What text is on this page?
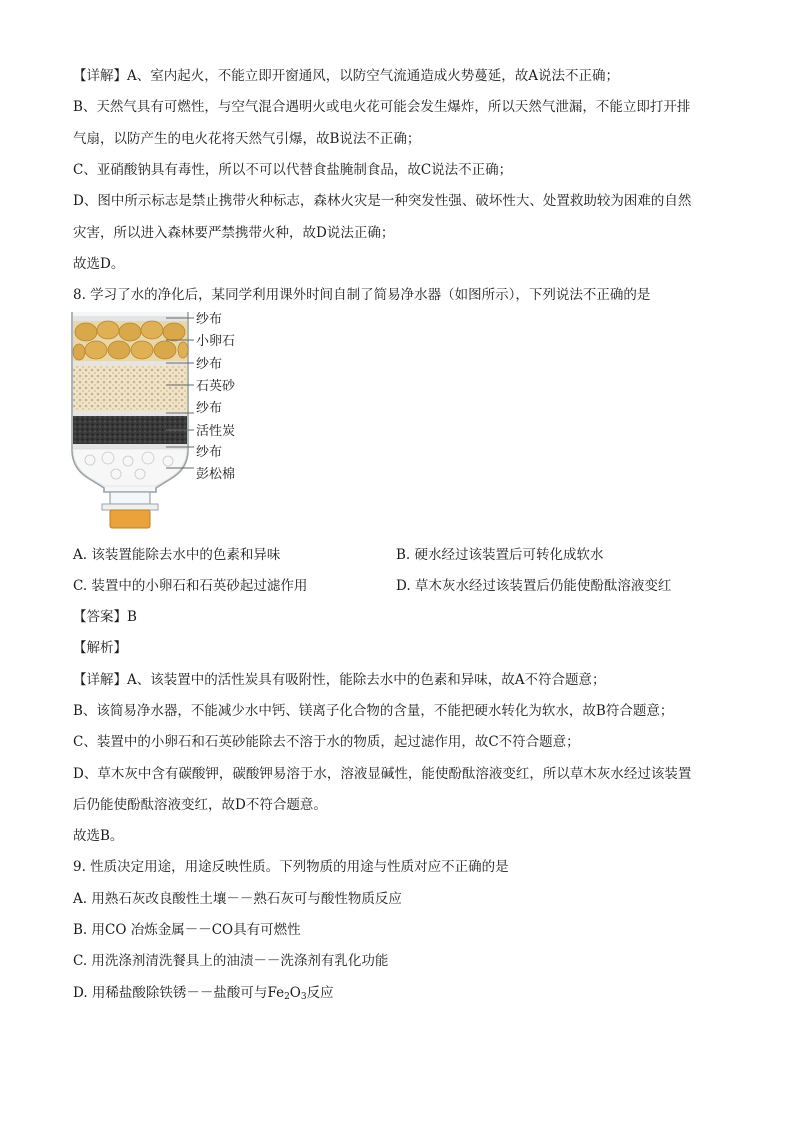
【详解】A、室内起火，不能立即开窗通风，以防空气流通造成火势蔓延，故A说法不正确；
B、天然气具有可燃性，与空气混合遇明火或电火花可能会发生爆炸，所以天然气泄漏，不能立即打开排
气扇，以防产生的电火花将天然气引爆，故B说法不正确；
C、亚硝酸钠具有毒性，所以不可以代替食盐腌制食品，故C说法不正确；
D、图中所示标志是禁止携带火种标志，森林火灾是一种突发性强、破坏性大、处置救助较为困难的自然
灾害，所以进入森林要严禁携带火种，故D说法正确；
故选D。
8. 学习了水的净化后，某同学利用课外时间自制了简易净水器（如图所示），下列说法不正确的是
纱布
小卵石
纱布
石英砂
纱布
活性炭
纱布
彭松棉
A. 该装置能除去水中的色素和异味	B. 硬水经过该装置后可转化成软水
C. 装置中的小卵石和石英砂起过滤作用	D. 草木灰水经过该装置后仍能使酚酞溶液变红
【答案】B
【解析】
【详解】A、该装置中的活性炭具有吸附性，能除去水中的色素和异味，故A不符合题意；
B、该简易净水器，不能减少水中钙、镁离子化合物的含量，不能把硬水转化为软水，故B符合题意；
C、装置中的小卵石和石英砂能除去不溶于水的物质，起过滤作用，故C不符合题意；
D、草木灰中含有碳酸钾，碳酸钾易溶于水，溶液显碱性，能使酚酞溶液变红，所以草木灰水经过该装置
后仍能使酚酞溶液变红，故D不符合题意。
故选B。
9. 性质决定用途，用途反映性质。下列物质的用途与性质对应不正确的是
A. 用熟石灰改良酸性土壤－－熟石灰可与酸性物质反应
B. 用CO 冶炼金属－－CO具有可燃性
C. 用洗涤剂清洗餐具上的油渍－－洗涤剂有乳化功能
D. 用稀盐酸除铁锈－－盐酸可与$Fe_2O_3$反应
